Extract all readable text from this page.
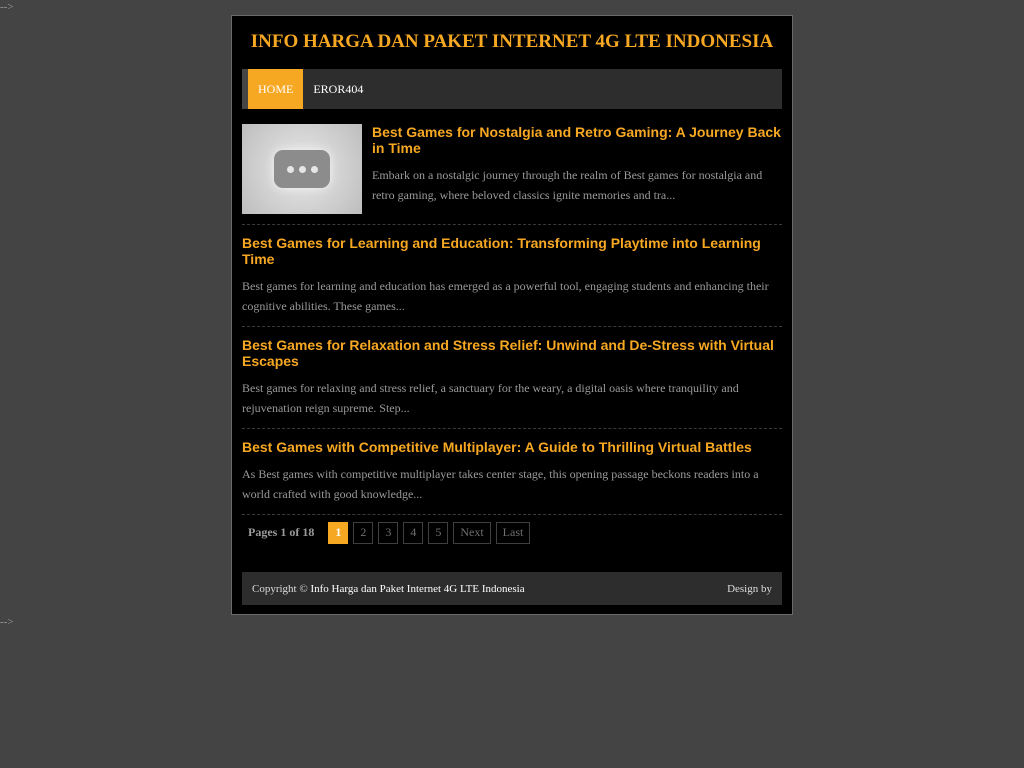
-->
INFO HARGA DAN PAKET INTERNET 4G LTE INDONESIA
HOME	EROR404
Best Games for Nostalgia and Retro Gaming: A Journey Back in Time

Embark on a nostalgic journey through the realm of Best games for nostalgia and retro gaming, where beloved classics ignite memories and tra...

Best Games for Learning and Education: Transforming Playtime into Learning Time

Best games for learning and education has emerged as a powerful tool, engaging students and enhancing their cognitive abilities. These games...

Best Games for Relaxation and Stress Relief: Unwind and De-Stress with Virtual Escapes

Best games for relaxing and stress relief, a sanctuary for the weary, a digital oasis where tranquility and rejuvenation reign supreme. Step...

Best Games with Competitive Multiplayer: A Guide to Thrilling Virtual Battles

As Best games with competitive multiplayer takes center stage, this opening passage beckons readers into a world crafted with good knowledge...

Pages 1 of 18	1	2	3	4	5	Next	Last
Copyright © Info Harga dan Paket Internet 4G LTE Indonesia	Design by
-->
